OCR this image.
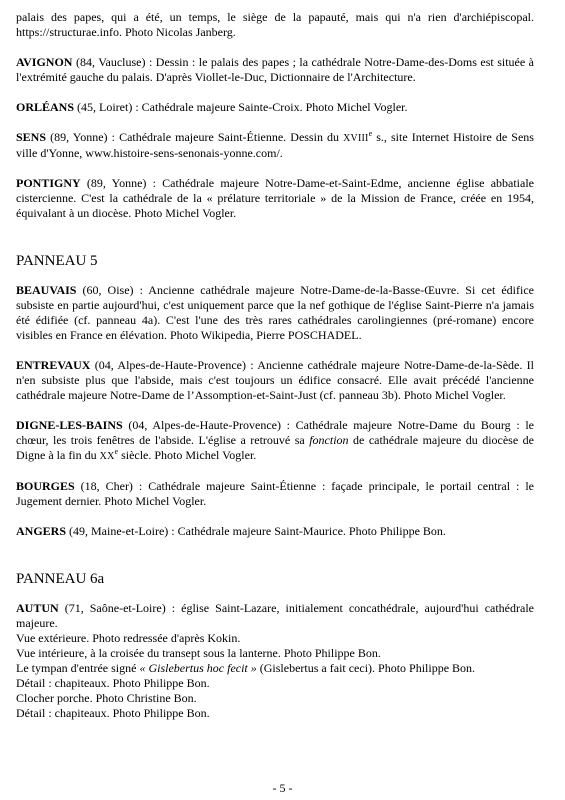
palais des papes, qui a été, un temps, le siège de la papauté, mais qui n'a rien d'archiépiscopal. https://structurae.info. Photo Nicolas Janberg.

AVIGNON (84, Vaucluse) : Dessin : le palais des papes ; la cathédrale Notre-Dame-des-Doms est située à l'extrémité gauche du palais. D'après Viollet-le-Duc, Dictionnaire de l'Architecture.

ORLÉANS (45, Loiret) : Cathédrale majeure Sainte-Croix. Photo Michel Vogler.

SENS (89, Yonne) : Cathédrale majeure Saint-Étienne. Dessin du XVIIIe s., site Internet Histoire de Sens ville d'Yonne, www.histoire-sens-senonais-yonne.com/.

PONTIGNY (89, Yonne) : Cathédrale majeure Notre-Dame-et-Saint-Edme, ancienne église abbatiale cistercienne. C'est la cathédrale de la « prélature territoriale » de la Mission de France, créée en 1954, équivalant à un diocèse. Photo Michel Vogler.

PANNEAU 5

BEAUVAIS (60, Oise) : Ancienne cathédrale majeure Notre-Dame-de-la-Basse-Œuvre. Si cet édifice subsiste en partie aujourd'hui, c'est uniquement parce que la nef gothique de l'église Saint-Pierre n'a jamais été édifiée (cf. panneau 4a). C'est l'une des très rares cathédrales carolingiennes (pré-romane) encore visibles en France en élévation. Photo Wikipedia, Pierre POSCHADEL.

ENTREVAUX (04, Alpes-de-Haute-Provence) : Ancienne cathédrale majeure Notre-Dame-de-la-Sède. Il n'en subsiste plus que l'abside, mais c'est toujours un édifice consacré. Elle avait précédé l'ancienne cathédrale majeure Notre-Dame de l’Assomption-et-Saint-Just (cf. panneau 3b). Photo Michel Vogler.

DIGNE-LES-BAINS (04, Alpes-de-Haute-Provence) : Cathédrale majeure Notre-Dame du Bourg : le chœur, les trois fenêtres de l'abside. L'église a retrouvé sa fonction de cathédrale majeure du diocèse de Digne à la fin du XXe siècle. Photo Michel Vogler.

BOURGES (18, Cher) : Cathédrale majeure Saint-Étienne : façade principale, le portail central : le Jugement dernier. Photo Michel Vogler.

ANGERS (49, Maine-et-Loire) : Cathédrale majeure Saint-Maurice. Photo Philippe Bon.

PANNEAU 6a

AUTUN (71, Saône-et-Loire) : église Saint-Lazare, initialement concathédrale, aujourd'hui cathédrale majeure.

Vue extérieure. Photo redressée d'après Kokin.

Vue intérieure, à la croisée du transept sous la lanterne. Photo Philippe Bon.

Le tympan d'entrée signé « Gislebertus hoc fecit » (Gislebertus a fait ceci). Photo Philippe Bon.

Détail : chapiteaux. Photo Philippe Bon.

Clocher porche. Photo Christine Bon.

Détail : chapiteaux. Photo Philippe Bon.

- 5 -
